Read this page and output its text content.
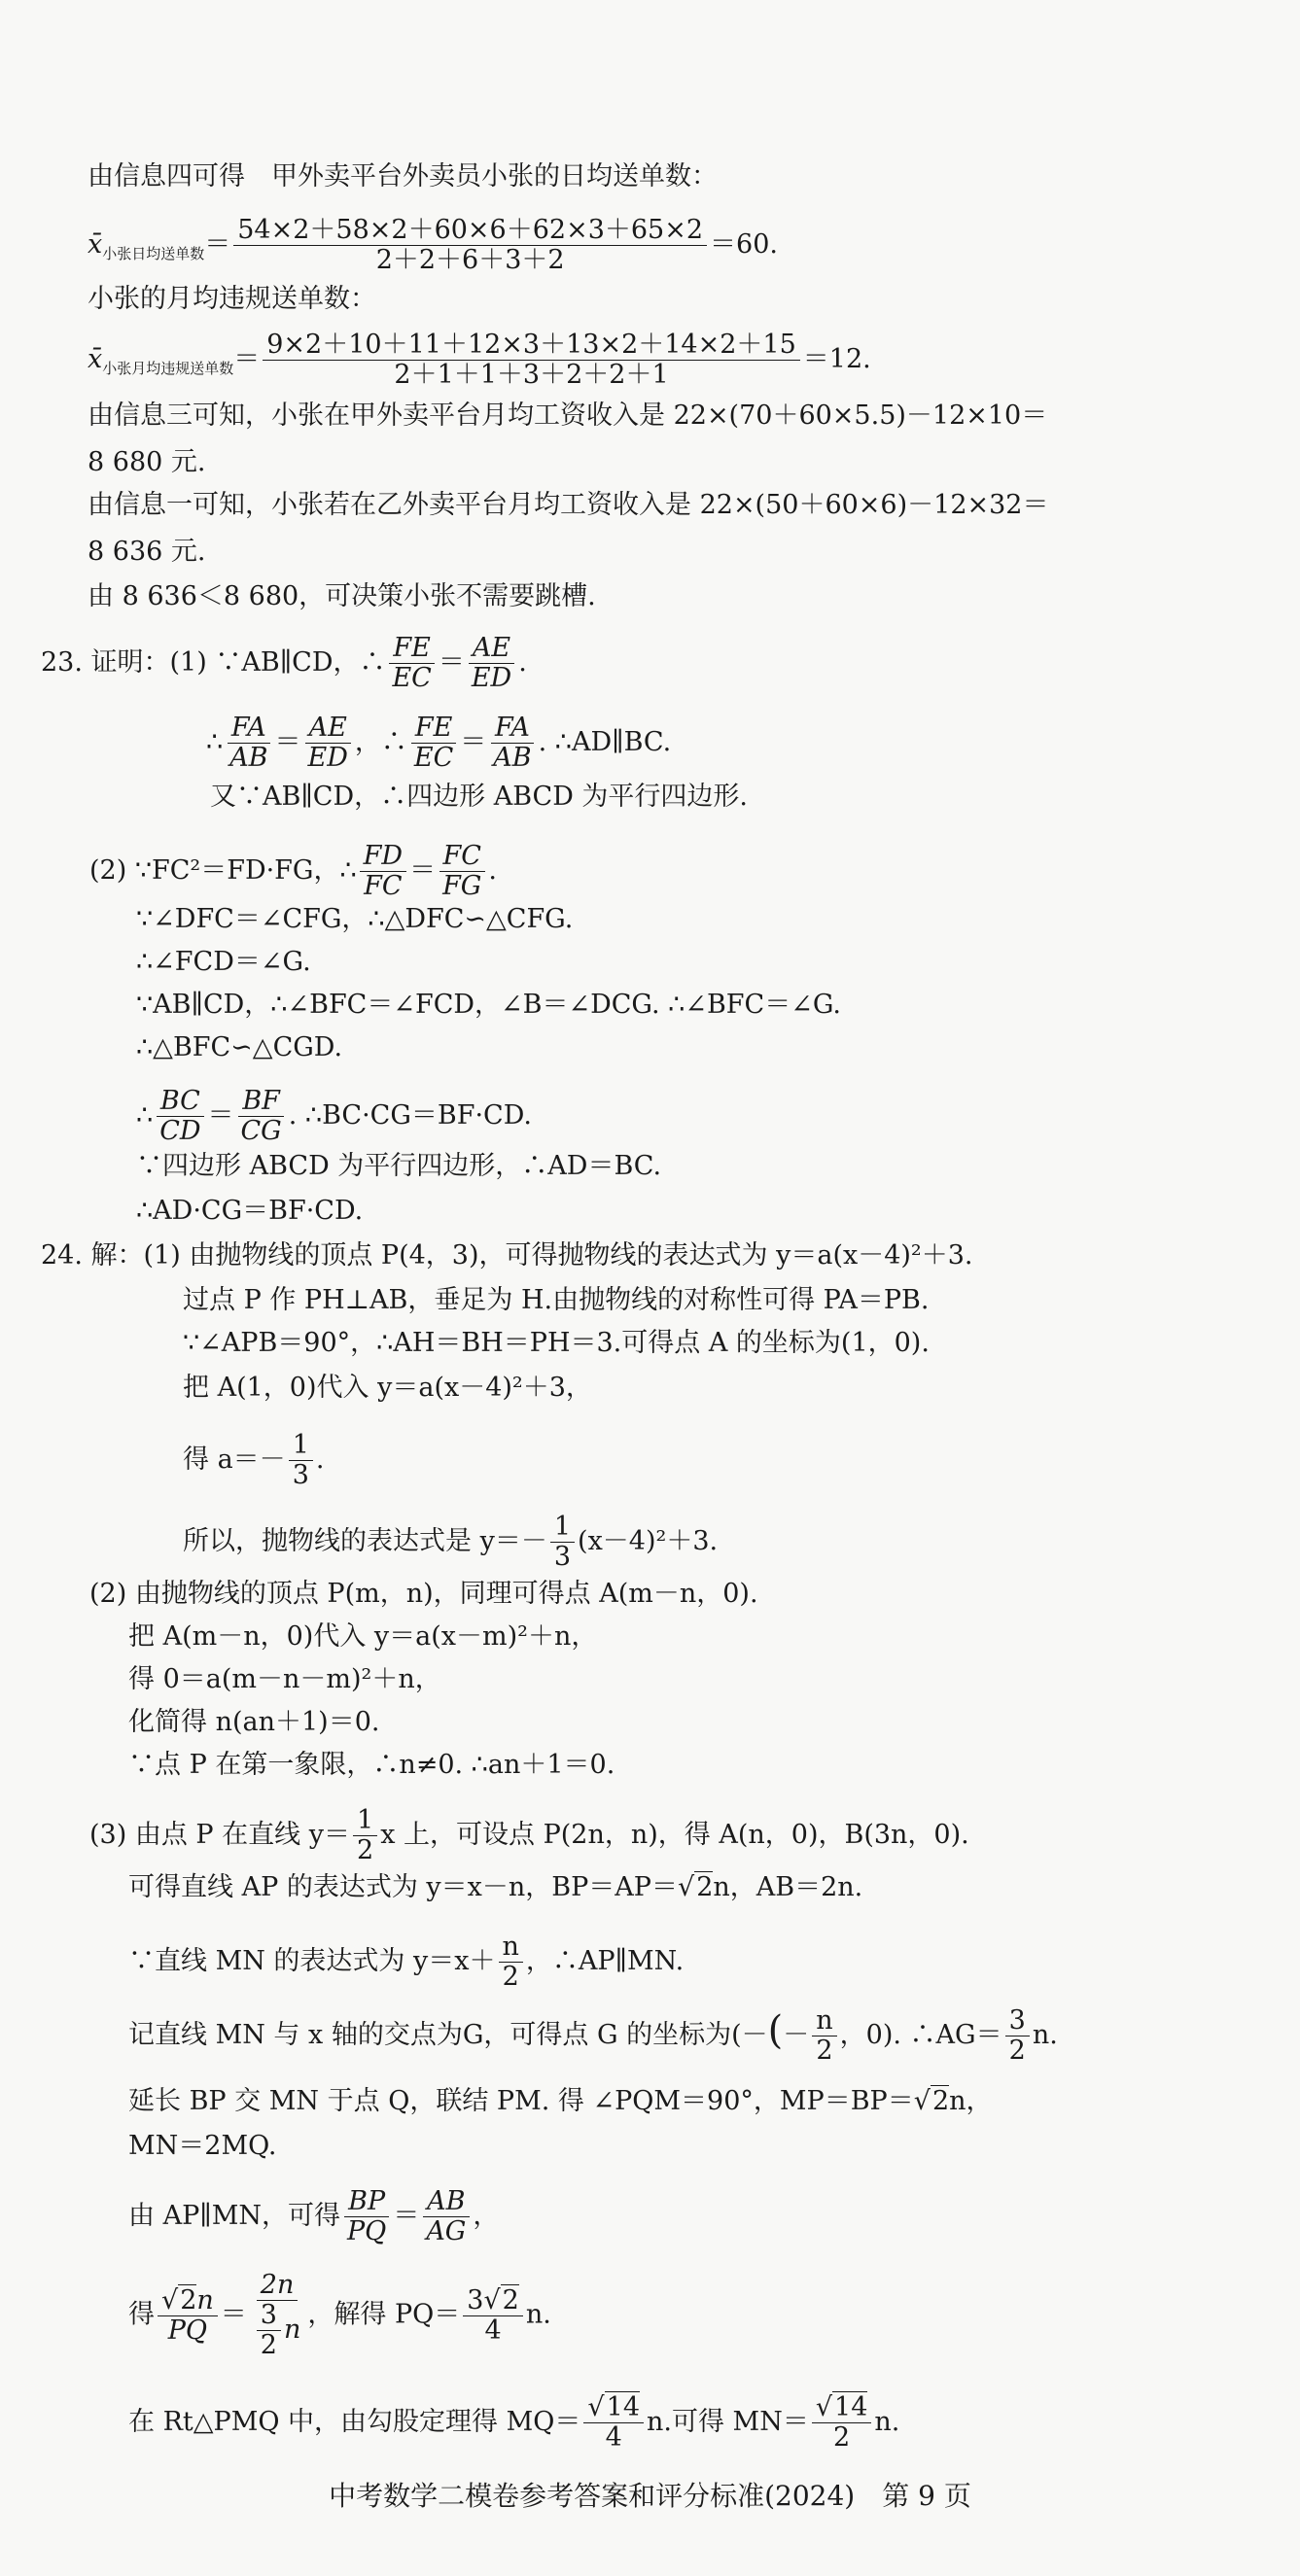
由信息四可得　甲外卖平台外卖员小张的日均送单数：
$x̄_{小张日均送单数}= \frac{54\times 2+58\times 2+60\times 6+62\times 3+65\times 2}{2+2+6+3+2} =60$.
小张的月均违规送单数：
$x̄_{小张月均违规送单数}= \frac{9\times 2+10+11+12\times 3+13\times 2+14\times 2+15}{2+1+1+3+2+2+1} =12$.
由信息三可知，小张在甲外卖平台月均工资收入是 22×(70＋60×5.5)－12×10＝
8 680 元.
由信息一可知，小张若在乙外卖平台月均工资收入是 22×(50＋60×6)－12×32＝
8 636 元.
由 8 636＜8 680，可决策小张不需要跳槽.
23. 证明：(1) ∵AB∥CD，∴ $\frac{FE}{EC} = \frac{AE}{ED}$ .
∴ $\frac{FA}{AB} = \frac{AE}{ED}$ ，∴ $\frac{FE}{EC} = \frac{FA}{AB}$ . ∴AD∥BC.
又∵AB∥CD，∴四边形 ABCD 为平行四边形.
(2) ∵FC²＝FD·FG，∴ $\frac{FD}{FC} = \frac{FC}{FG}$ .
∵∠DFC＝∠CFG，∴△DFC∽△CFG.
∴∠FCD＝∠G.
∵AB∥CD，∴∠BFC＝∠FCD，∠B＝∠DCG. ∴∠BFC＝∠G.
∴△BFC∽△CGD.
∴ $\frac{BC}{CD} = \frac{BF}{CG}$ . ∴BC·CG＝BF·CD.
∵四边形 ABCD 为平行四边形，∴AD＝BC.
∴AD·CG＝BF·CD.
24. 解：(1) 由抛物线的顶点 P(4，3)，可得抛物线的表达式为 y＝a(x－4)²＋3.
过点 P 作 PH⊥AB，垂足为 H.由抛物线的对称性可得 PA＝PB.
∵∠APB＝90°，∴AH＝BH＝PH＝3.可得点 A 的坐标为(1，0).
把 A(1，0)代入 y＝a(x－4)²＋3，
得 $a=- \frac{1}{3}$ .
所以，抛物线的表达式是 $y=- \frac{1}{3} (x-4)^2+3$.
(2) 由抛物线的顶点 P(m，n)，同理可得点 A(m－n，0).
把 A(m－n，0)代入 y＝a(x－m)²＋n，
得 0＝a(m－n－m)²＋n，
化简得 n(an＋1)＝0.
∵点 P 在第一象限，∴n≠0. ∴an＋1＝0.
(3) 由点 P 在直线 $y= \frac{1}{2}$ x 上，可设点 P(2n，n)，得 A(n，0)，B(3n，0).
可得直线 AP 的表达式为 y＝x－n，BP＝AP＝√2n，AB＝2n.
∵直线 MN 的表达式为 $y=x+ \frac{n}{2}$ ，∴AP∥MN.
记直线 MN 与 x 轴的交点为G，可得点 G 的坐标为(－(－ $\frac{n}{2}$ ，0). ∴AG＝ $\frac{3}{2} n$.
延长 BP 交 MN 于点 Q，联结 PM. 得 ∠PQM＝90°，MP＝BP＝√2n，
MN＝2MQ.
由 AP∥MN，可得 $\frac{BP}{PQ} = \frac{AB}{AG}$ ，
得 $\frac{√2n}{PQ} = \frac{2n}{\frac{3}{2} n}$ ，解得 $PQ= \frac{3√2}{4} n$.
在 Rt△PMQ 中，由勾股定理得 $MQ= \frac{√14}{4} n$.可得 $MN= \frac{√14}{2} n$.
中考数学二模卷参考答案和评分标准(2024)　第 9 页
